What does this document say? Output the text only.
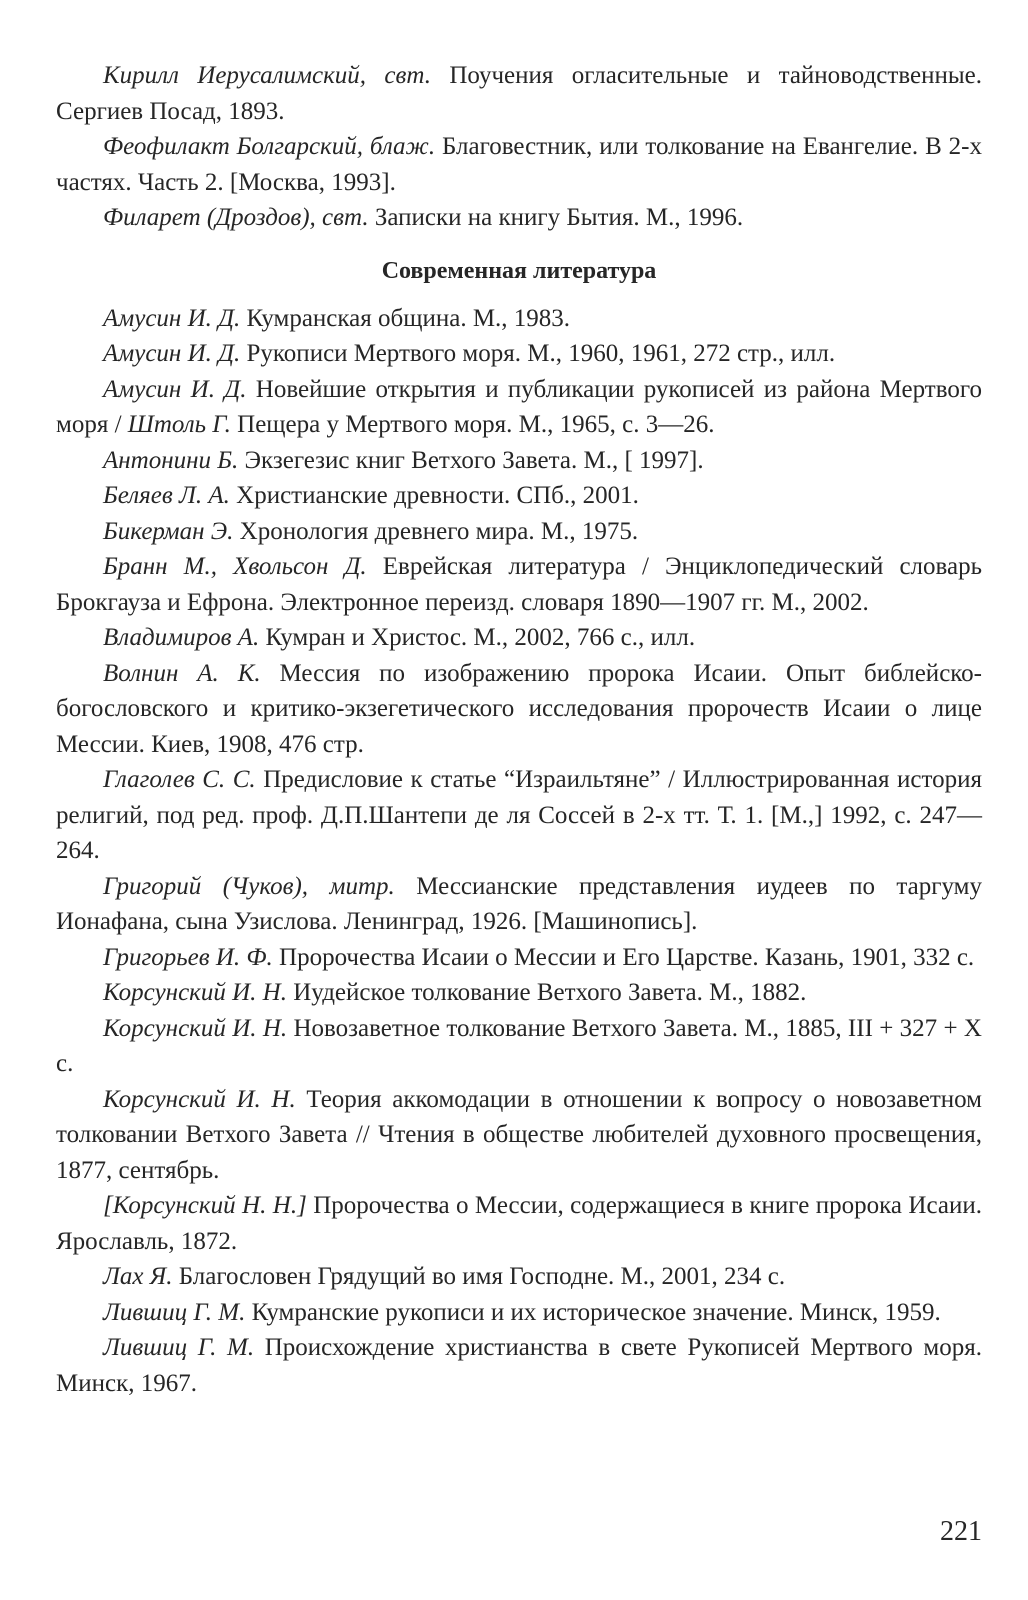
Кирилл Иерусалимский, свт. Поучения огласительные и тайноводственные. Сергиев Посад, 1893.

Феофилакт Болгарский, блаж. Благовестник, или толкование на Евангелие. В 2-х частях. Часть 2. [Москва, 1993].

Филарет (Дроздов), свт. Записки на книгу Бытия. М., 1996.

Современная литература

Амусин И. Д. Кумранская община. М., 1983.

Амусин И. Д. Рукописи Мертвого моря. М., 1960, 1961, 272 стр., илл.

Амусин И. Д. Новейшие открытия и публикации рукописей из района Мертвого моря / Штоль Г. Пещера у Мертвого моря. М., 1965, с. 3—26.

Антонини Б. Экзегезис книг Ветхого Завета. М., [ 1997].

Беляев Л. А. Христианские древности. СПб., 2001.

Бикерман Э. Хронология древнего мира. М., 1975.

Бранн М., Хвольсон Д. Еврейская литература / Энциклопедический словарь Брокгауза и Ефрона. Электронное переизд. словаря 1890—1907 гг. М., 2002.

Владимиров А. Кумран и Христос. М., 2002, 766 с., илл.

Волнин А. К. Мессия по изображению пророка Исаии. Опыт библейско-богословского и критико-экзегетического исследования пророчеств Исаии о лице Мессии. Киев, 1908, 476 стр.

Глаголев С. С. Предисловие к статье “Израильтяне” / Иллюстрированная история религий, под ред. проф. Д.П.Шантепи де ля Соссей в 2-х тт. Т. 1. [М.,] 1992, с. 247—264.

Григорий (Чуков), митр. Мессианские представления иудеев по таргуму Ионафана, сына Узислова. Ленинград, 1926. [Машинопись].

Григорьев И. Ф. Пророчества Исаии о Мессии и Его Царстве. Казань, 1901, 332 с.

Корсунский И. Н. Иудейское толкование Ветхого Завета. М., 1882.

Корсунский И. Н. Новозаветное толкование Ветхого Завета. М., 1885, III + 327 + X с.

Корсунский И. Н. Теория аккомодации в отношении к вопросу о новозаветном толковании Ветхого Завета // Чтения в обществе любителей духовного просвещения, 1877, сентябрь.

[Корсунский Н. Н.] Пророчества о Мессии, содержащиеся в книге пророка Исаии. Ярославль, 1872.

Лах Я. Благословен Грядущий во имя Господне. М., 2001, 234 с.

Лившиц Г. М. Кумранские рукописи и их историческое значение. Минск, 1959.

Лившиц Г. М. Происхождение христианства в свете Рукописей Мертвого моря. Минск, 1967.

221
